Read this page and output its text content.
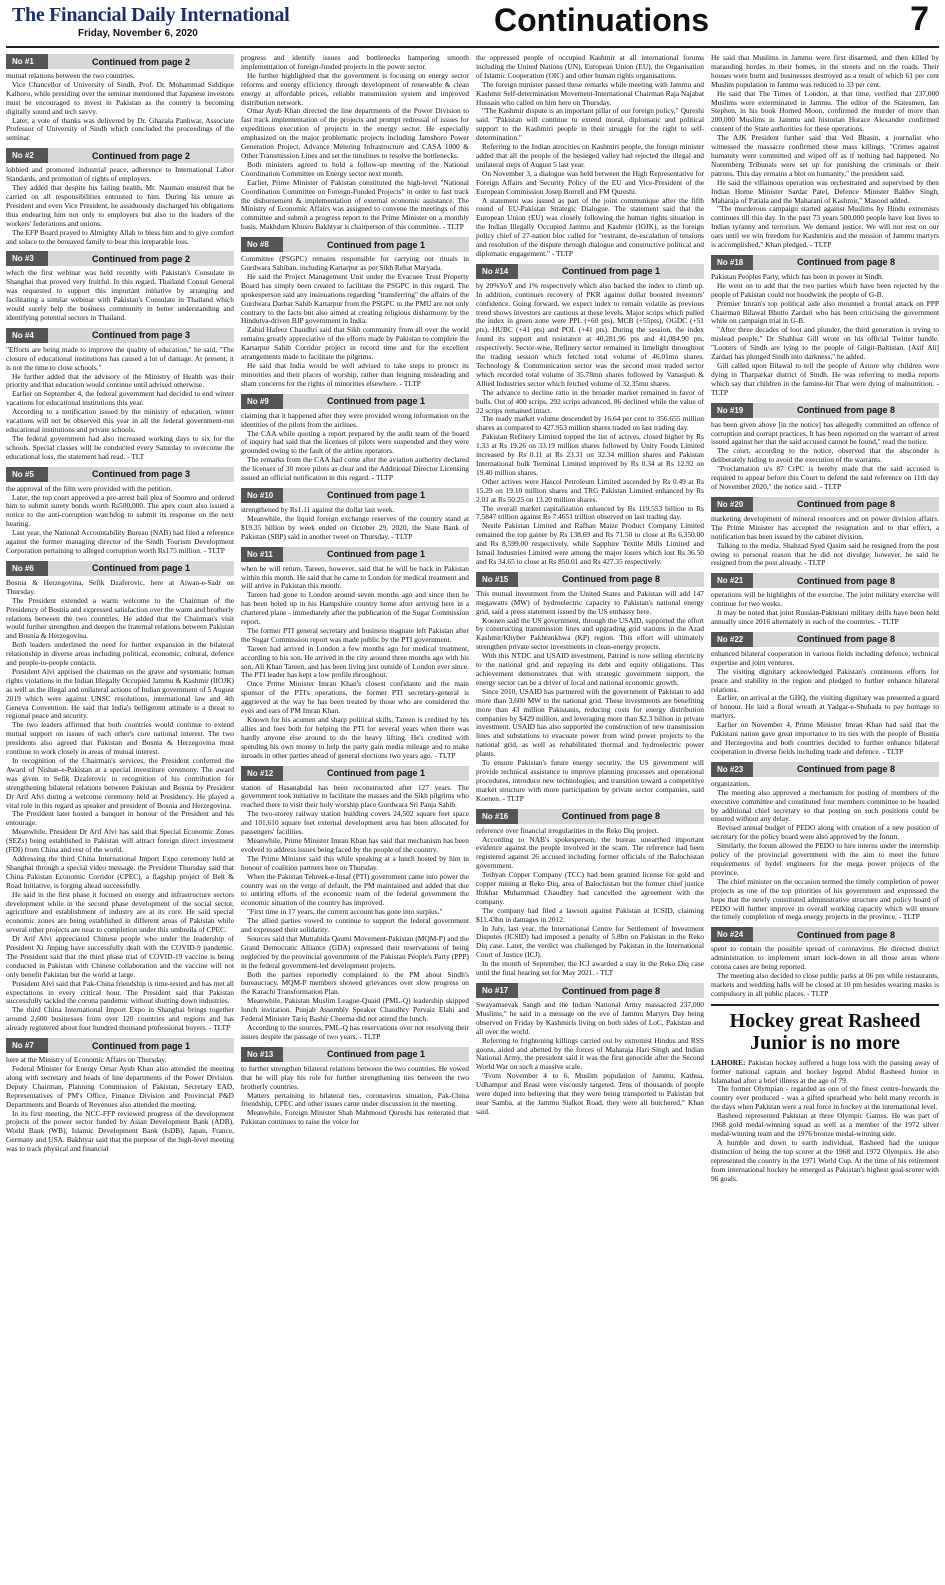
The Financial Daily International
Friday, November 6, 2020	Continuations	7
No #1	Continued from page 2

mutual relations between the two countries.

Vice Chancellor of University of Sindh, Prof. Dr. Mohammad Siddique Kalhoro, while presiding over the seminar mentioned that Japanese investors must be encouraged to invest in Pakistan as the country is becoming digitally sound and tech savvy.

Later, a vote of thanks was delivered by Dr. Ghazala Panhwar, Associate Professor of University of Sindh which concluded the proceedings of the seminar.

No #2	Continued from page 2

lobbied and promoted industrial peace, adherence to International Labor Standards, and promotion of rights of employers.

They added that despite his failing health, Mr. Nauman ensured that he carried on all responsibilities entrusted to him. During his tenure as President and even Vice President, he assiduously discharged his obligations thus endearing him not only to employers but also to the leaders of the workers' federations and unions.

The EFP Board prayed to Almighty Allah to bless him and to give comfort and solace to the bereaved family to bear this irreparable loss.

No #3	Continued from page 2

which the first webinar was held recently with Pakistan's Consulate in Shanghai that proved very fruitful. In this regard, Thailand Consul General was requested to support this important initiative by arranging and facilitating a similar webinar with Pakistan's Consulate in Thailand which would surely help the business community in better understanding and identifying potential sectors in Thailand.

No #4	Continued from page 3

"Efforts are being made to improve the quality of education," he said, "The closure of educational institutions has caused a lot of damage. At present, it is not the time to close schools."

He further added that the advisory of the Ministry of Health was their priority and that education would continue until advised otherwise.

Earlier on September 4, the federal government had decided to end winter vacations for educational institutions this year.

According to a notification issued by the ministry of education, winter vacations will not be observed this year in all the federal government-run educational institutions and private schools.

The federal government had also increased working days to six for the schools. Special classes will be conducted every Saturday to overcome the educational loss, the statement had read. - TLT

No #5	Continued from page 3

the approval of the film were provided with the petition.

Later, the top court approved a pre-arrest bail plea of Soomro and ordered him to submit surety bonds worth Rs500,000. The apex court also issued a notice to the anti-corruption watchdog to submit its response on the next hearing.

Last year, the National Accountability Bureau (NAB) had filed a reference against the former managing director of the Sindh Tourism Development Corporation pertaining to alleged corruption worth Rs175 million. - TLTP

No #6	Continued from page 1

Bosnia & Herzegovina, Sefik Dzaferovic, here at Aiwan-e-Sadr on Thursday.

The President extended a warm welcome to the Chairman of the Presidency of Bosnia and expressed satisfaction over the warm and brotherly relations between the two countries. He added that the Chairman's visit would further strengthen and deepen the fraternal relations between Pakistan and Bosnia & Herzegovina.

Both leaders underlined the need for further expansion in the bilateral relationship in diverse areas including political, economic, cultural, defence and people-to-people contacts.

President Alvi apprised the chairman on the grave and systematic human rights violations in the Indian Illegally Occupied Jammu & Kashmir (IIOJK) as well as the illegal and unilateral actions of Indian government of 5 August 2019 which were against UNSC resolutions, international law and 4th Geneva Convention. He said that India's belligerent attitude is a threat to regional peace and security.

The two leaders affirmed that both countries would continue to extend mutual support on issues of each other's core national interest. The two presidents also agreed that Pakistan and Bosnia & Herzegovina must continue to work closely in areas of mutual interest.

In recognition of the Chairman's services, the President conferred the Award of Nishan-e-Pakistan at a special investiture ceremony. The award was given to Sefik Dzaferovic in recognition of his contribution for strengthening bilateral relations between Pakistan and Bosnia by President Dr Arif Alvi during a welcome ceremony held at Presidency. He played a vital role in this regard as speaker and president of Bosnia and Herzegovina.

The President later hosted a banquet in honour of the President and his entourage.

Meanwhile, President Dr Arif Alvi has said that Special Economic Zones (SEZs) being established in Pakistan will attract foreign direct investment (FDI) from China and rest of the world.

Addressing the third China International Import Expo ceremony held at Shanghai through a special video message, the President Thursday said that China Pakistan Economic Corridor (CPEC), a flagship project of Belt & Road Initiative, is forging ahead successfully.

He said in the first phase it focused on energy and infrastructure sectors development while in the second phase development of the social sector, agriculture and establishment of industry are at its core. He said special economic zones are being established in different areas of Pakistan while several other projects are near to completion under this umbrella of CPEC.

Dr Arif Alvi appreciated Chinese people who under the leadership of President Xi Jinping have successfully dealt with the COVID-9 pandemic. The President said that the third phase trial of COVID-19 vaccine is being conducted in Pakistan with Chinese collaboration and the vaccine will not only benefit Pakistan but the world at large.

President Alvi said that Pak-China friendship is time-tested and has met all expectations in every critical hour. The President said that Pakistan successfully tackled the corona pandemic without shutting down industries.

The third China International Import Expo in Shanghai brings together around 2,600 businesses from over 120 countries and regions and has already registered about four hundred thousand professional buyers. - TLTP

No #7	Continued from page 1

here at the Ministry of Economic Affairs on Thursday.

Federal Minister for Energy Omar Ayub Khan also attended the meeting along with secretary and heads of line departments of the Power Division. Deputy Chairman, Planning Commission of Pakistan, Secretary EAD, Representatives of PM's Office, Finance Division and Provincial P&D Departments and Boards of Revenues also attended the meeting.

In its first meeting, the NCC-FFP reviewed progress of the development projects of the power sector funded by Asian Development Bank (ADB), World Bank (WB), Islamic Development Bank (IsDB), Japan, France, Germany and USA. Bakhtyar said that the purpose of the high-level meeting was to track physical and financial

progress and identify issues and bottlenecks hampering smooth implementation of foreign-funded projects in the power sector.

He further highlighted that the government is focusing on energy sector reforms and energy efficiency through development of renewable & clean energy at affordable prices, reliable transmission system and improved distribution network.

Omar Ayub Khan directed the line departments of the Power Division to fast track implementation of the projects and prompt redressal of issues for expeditious execution of projects in the energy sector. He especially emphasized on the major problematic projects including Jamshoro Power Generation Project, Advance Metering Infrastructure and CASA 1000 & Other Transmission Lines and set the timelines to resolve the bottlenecks.

Both ministers agreed to hold a follow-up meeting of the National Coordination Committee on Energy sector next month.

Earlier, Prime Minister of Pakistan constituted the high-level "National Coordination Committee on Foreign-Funded Projects" in order to fast track the disbursement & implementation of external economic assistance. The Ministry of Economic Affairs was assigned to convene the meetings of this committee and submit a progress report to the Prime Minister on a monthly basis. Makhdum Khusro Bakhtyar is chairperson of this committee. - TLTP

No #8	Continued from page 1

Committee (PSGPC) remains responsible for carrying out rituals in Gurdwara Sahiban, including Kartarpur as per Sikh Rehat Maryada.

He said the Project Management Unit under the Evacuee Trust Property Board has simply been created to facilitate the PSGPC in this regard. The spokesperson said any insinuations regarding "transferring" the affairs of the Gurdwara Darbar Sahib Kartarpur from the PSGPC to the PMU are not only contrary to the facts but also aimed at creating religious disharmony by the Hindutva-driven BJP government in India.

Zahid Hafeez Chaudhri said that Sikh community from all over the world remains greatly appreciative of the efforts made by Pakistan to complete the Kartarpur Sahib Corridor project in record time and for the excellent arrangements made to facilitate the pilgrims.

He said that India would be well advised to take steps to protect its minorities and their places of worship, rather than feigning misleading and sham concerns for the rights of minorities elsewhere. - TLTP

No #9	Continued from page 1

claiming that it happened after they were provided wrong information on the identities of the pilots from the airlines.

The CAA while quoting a report prepared by the audit team of the board of inquiry had said that the licenses of pilots were suspended and they were grounded owing to the fault of the airline operators.

The remarks from the CAA had come after the aviation authority declared the licenses of 30 more pilots as clear and the Additional Director Licensing issued an official notification in this regard. - TLTP

No #10	Continued from page 1

strengthened by Rs1.11 against the dollar last week.

Meanwhile, the liquid foreign exchange reserves of the country stand at $19.35 billion by week ended on October 29, 2020, the State Bank of Pakistan (SBP) said in another tweet on Thursday. - TLTP

No #11	Continued from page 1

when he will return. Tareen, however, said that he will be back in Pakistan within this month. He said that he came to London for medical treatment and will arrive in Pakistan this month.

Tareen had gone to London around seven months ago and since then he has been holed up in his Hampshire country home after arriving here in a chartered plane - immediately after the publication of the Sugar Commission report.

The former PTI general secretary and business magnate left Pakistan after the Sugar Commission report was made public by the PTI government.

Tareen had arrived in London a few months ago for medical treatment, according to his son. He arrived in the city around three months ago with his son, Ali Khan Tareen, and has been living just outside of London ever since. The PTI leader has kept a low profile throughout.

Once Prime Minister Imran Khan's closest confidante and the main sponsor of the PTI's operations, the former PTI secretary-general is aggrieved at the way he has been treated by those who are considered the eyes and ears of PM Imran Khan.

Known for his acumen and sharp political skills, Tareen is credited by his allies and foes both for helping the PTI for several years when there was hardly anyone else around to do the heavy lifting. He's credited with spending his own money to help the party gain media mileage and to make inroads in other parties ahead of general elections two years ago. - TLTP

No #12	Continued from page 1

station of Hasanabdal has been reconstructed after 127 years. The government took initiative to facilitate the masses and the Sikh pilgrims who reached there to visit their holy worship place Gurdwara Sri Panja Sahib.

The two-storey railway station building covers 24,502 square feet space and 101,610 square feet external development area has been allocated for passengers' facilities.

Meanwhile, Prime Minister Imran Khan has said that mechanism has been evolved to address issues being faced by the people of the country.

The Prime Minister said this while speaking at a lunch hosted by him in honour of coalition partners here on Thursday.

When the Pakistan Tehreek-e-Insaf (PTI) government came into power the country was on the verge of default, the PM maintained and added that due to untiring efforts of the economic team of the federal government the economic situation of the country has improved.

"First time in 17 years, the current account has gone into surplus."

The allied parties vowed to continue to support the federal government and expressed their solidarity.

Sources said that Muttahida Qaumi Movement-Pakistan (MQM-P) and the Grand Democratic Alliance (GDA) expressed their reservations of being neglected by the provincial government of the Pakistan People's Party (PPP) in the federal government-led development projects.

Both the parties reportedly complained to the PM about Sindh's bureaucracy. MQM-P members showed grievances over slow progress on the Karachi Transformation Plan.

Meanwhile, Pakistan Muslim League-Quaid (PML-Q) leadership skipped lunch invitation. Punjab Assembly Speaker Chaudhry Pervaiz Elahi and Federal Minister Tariq Bashir Cheema did not attend the lunch.

According to the sources, PML-Q has reservations over not resolving their issues despite the passage of two years. - TLTP

No #13	Continued from page 1

to further strengthen bilateral relations between the two countries. He vowed that he will play his role for further strengthening ties between the two brotherly countries.

Matters pertaining to bilateral ties, coronavirus situation, Pak-China friendship, CPEC and other issues came under discussion in the meeting.

Meanwhile, Foreign Minister Shah Mahmood Qureshi has reiterated that Pakistan continues to raise the voice for

the oppressed people of occupied Kashmir at all international forums including the United Nations (UN), European Union (EU), the Organisation of Islamic Cooperation (OIC) and other human rights organisations.

The foreign minister passed these remarks while meeting with Jammu and Kashmir Self-determination Movement-International Chairman Raja Najabat Hussain who called on him here on Thursday.

"The Kashmir dispute is an important pillar of our foreign policy," Qureshi said. "Pakistan will continue to extend moral, diplomatic and political support to the Kashmiri people in their struggle for the right to self-determination."

Referring to the Indian atrocities on Kashmiri people, the foreign minister added that all the people of the besieged valley had rejected the illegal and unilateral steps of August 5 last year.

On November 3, a dialogue was held between the High Representative for Foreign Affairs and Security Policy of the EU and Vice-President of the European Commission Josep Borrell and FM Qureshi.

A statement was issued as part of the joint communique after the fifth round of EU-Pakistan Strategic Dialogue. The statement said that the European Union (EU) was closely following the human rights situation in the Indian Illegally Occupied Jammu and Kashmir (IOJK), as the foreign policy chief of 27-nation bloc called for "restraint, de-escalation of tensions and resolution of the dispute through dialogue and constructive political and diplomatic engagement." - TLTP

No #14	Continued from page 1

by 20%YoY and 1% respectively which also backed the index to climb up. In addition, continues recovery of PKR against dollar boosted investors' confidence. Going forward, we expect index to remain volatile as previous trend shows investors are cautious at these levels. Major scrips which pulled the index in green zone were PPL (+60 pts), MCB (+55pts), OGDC (+51 pts), HUBC (+41 pts) and POL (+41 pts). During the session, the index found its support and resistance at 40,281.96 pts and 41,084.90 pts, respectively. Sector-wise, Refinery sector remained in limelight throughout the trading session which fetched total volume of 46.01mn shares. Technology & Communication sector was the second most traded sector which recorded total volume of 35.78mn shares followed by Vanaspati & Allied Industries sector which fetched volume of 32.35mn shares.

The advance to decline ratio in the broader market remained in favor of bulls. Out of 400 scrips, 292 scrips advanced, 86 declined while the value of 22 scrips remained intact.

The ready market volume descended by 16.64 per cent to 356.655 million shares as compared to 427.953 million shares traded on last trading day.

Pakistan Refinery Limited topped the list of actives, closed higher by Rs 1.33 at Rs 19.26 on 33.19 million shares followed by Unity Foods Limited increased by Rs 0.11 at Rs 23.31 on 32.34 million shares and Pakistan International bulk Terminal Limited improved by Rs 0.34 at Rs 12.92 on 19.40 million shares.

Other actives were Hascol Petroleum Limited ascended by Rs 0.49 at Rs 15.29 on 19.10 million shares and TRG Pakistan Limited enhanced by Rs 2.01 at Rs 50.25 on 13.20 million shares.

The overall market capitalization enhanced by Rs 119.553 billion to Rs 7.5847 trillion against Rs 7.4651 trillion observed on last trading day.

Nestle Pakistan Limited and Rafhan Maize Product Company Limited remained the top gainer by Rs 138.69 and Rs 71.50 to close at Rs 6,350.00 and Rs 8,599.00 respectively, while Sapphire Textile Mills Limited and Ismail Industries Limited were among the major losers which lost Rs 36.50 and Rs 34.65 to close at Rs 850.01 and Rs 427.35 respectively.

No #15	Continued from page 8

This mutual investment from the United States and Pakistan will add 147 megawatts (MW) of hydroelectric capacity to Pakistan's national energy grid, said a press statement issued by the US embassy here.

Koenen said the US government, through the USAID, supported the effort by constructing transmission lines and upgrading grid stations in the Azad Kashmir/Khyber Pakhtunkhwa (KP) region. This effort will ultimately strengthen private sector investments in clean-energy projects.

With this NTDC and USAID investment, Patrind is now selling electricity to the national grid and repaying its debt and equity obligations. This achievement demonstrates that with strategic government support, the energy sector can be a driver of local and national economic growth.

Since 2010, USAID has partnered with the government of Pakistan to add more than 3,600 MW to the national grid. These investments are benefiting more than 43 million Pakistanis, reducing costs for energy distribution companies by $429 million, and leveraging more than $2.3 billion in private investment. USAID has also supported the construction of new transmission lines and substations to evacuate power from wind power projects to the national grid, as well as rehabilitated thermal and hydroelectric power plants.

To ensure Pakistan's future energy security, the US government will provide technical assistance to improve planning processes and operational procedures, introduce new technologies, and transition toward a competitive market structure with more participation by private sector companies, said Koenen. - TLTP

No #16	Continued from page 8

reference over financial irregularities in the Reko Diq project.

According to NAB's spokesperson, the bureau unearthed important evidence against the people involved in the scam. The reference had been registered against 26 accused including former officials of the Balochistan government.

Tethyan Copper Company (TCC) had been granted license for gold and copper mining at Reko Diq, area of Balochistan but the former chief justice Iftikhar Muhammad Chaudhry had cancelled the agreement with the company.

The company had filed a lawsuit against Pakistan at ICSID, claiming $11.43bn in damages in 2012.

In July, last year, the International Centre for Settlement of Investment Disputes (ICSID) had imposed a penalty of 5.8bn on Pakistan in the Reko Diq case. Later, the verdict was challenged by Pakistan in the International Court of Justice (ICJ).

In the month of September, the ICJ awarded a stay in the Reko Diq case until the final hearing set for May 2021. - TLT

No #17	Continued from page 8

Swayamsevak Sangh and the Indian National Army massacred 237,000 Muslims," he said in a message on the eve of Jammu Martyrs Day being observed on Friday by Kashmiris living on both sides of LoC, Pakistan and all over the world.

Referring to frightening killings carried out by extremist Hindus and RSS goons, aided and abetted by the forces of Maharaja Hari Singh and Indian National Army, the president said it was the first genocide after the Second World War on such a massive scale.

"From November 4 to 6, Muslim population of Jammu, Kathua, Udhampur and Reasi were viscously targeted. Tens of thousands of people were duped into believing that they were being transported to Pakistan but near Samba, at the Jammu Sialkot Road, they were all butchered," Khan said.

He said that Muslims in Jammu were first disarmed, and then killed by marauding hordes in their homes, in the streets and on the roads. Their houses were burnt and businesses destroyed as a result of which 61 per cent Muslim population in Jammu was reduced to 33 per cent.

He said that The Times of London, at that time, verified that 237,000 Muslims were exterminated in Jammu. The editor of the Statesmen, Ian Stephen, in his book Horned Moon, confirmed the murder of more than 200,000 Muslims in Jammu and historian Horace Alexander confirmed consent of the State authorities for these operations.

The AJK President further said that Ved Bhasin, a journalist who witnessed the massacre confirmed these mass killings. "Crimes against humanity were committed and wiped off as if nothing had happened. No Nuremberg Tribunals were set up for punishing the criminals or their patrons. This day remains a blot on humanity," the president said.

He said the villainous operation was orchestrated and supervised by then Indian Home Minister Sardar Patel, Defence Minister Baldev Singh, Maharaja of Patiala and the Maharani of Kashmir," Masood added.

"The murderous campaign started against Muslims by Hindu extremists continues till this day. In the past 73 years 500,000 people have lost lives to Indian tyranny and terrorism. We demand justice. We will not rest on our oars until we win freedom for Kashmiris and the mission of Jammu martyrs is accomplished," Khan pledged. - TLTP

No #18	Continued from page 8

Pakistan Peoples Party, which has been in power in Sindh.

He went on to add that the two parties which have been rejected by the people of Pakistan could not hoodwink the people of G-B.

Premier Imran's top political aide also mounted a frontal attack on PPP Chairman Bilawal Bhutto Zardari who has been criticising the government while on campaign trial in G-B.

"After three decades of loot and plunder, the third generation is trying to mislead people," Dr Shahbaz Gill wrote on his official Twitter handle. "Looters of Sindh are lying to the people of Gilgit-Baltistan. [Asif Ali] Zardari has plunged Sindh into darkness," he added.

Gill called upon Bilawal to tell the people of Astore why children were dying in Tharparkar district of Sindh. He was referring to media reports which say that children in the famine-hit Thar were dying of malnutrition. - TLTP

No #19	Continued from page 8

has been given above [in the notice] has allegedly committed an offence of corruption and corrupt practices. It has been reported on the warrant of arrest issued against her that the said accused cannot be found," read the notice.

The court, according to the notice, observed that the absconder is deliberately hiding to avoid the execution of the warrants.

"Proclamation u/s 87 CrPC is hereby made that the said accused is required to appear before this Court to defend the said reference on 11th day of November 2020," the notice said. - TLTP

No #20	Continued from page 8

marketing development of mineral resources and on power division affairs. The Prime Minister has accepted the resignation and to that effect, a notification has been issued by the cabinet division.

Talking to the media, Shahzad Syed Qasim said he resigned from the post owing to personal reason that he did not divulge; however, he said he resigned from the post already. - TLTP

No #21	Continued from page 8

operations will be highlights of the exercise. The joint military exercise will continue for two weeks.

It may be noted that joint Russian-Pakistani military drills have been held annually since 2016 alternately in each of the countries. - TLTP

No #22	Continued from page 8

enhanced bilateral cooperation in various fields including defence, technical expertise and joint ventures.

The visiting dignitary acknowledged Pakistan's continuous efforts for peace and stability in the region and pledged to further enhance bilateral relations.

Earlier, on arrival at the GHQ, the visiting dignitary was presented a guard of honour. He laid a floral wreath at Yadgar-e-Shuhada to pay homage to martyrs.

Earlier on November 4, Prime Minister Imran Khan had said that the Pakistani nation gave great importance to its ties with the people of Bosnia and Herzegovina and both countries decided to further enhance bilateral cooperation in diverse fields including trade and defence. - TLTP

No #23	Continued from page 8

organization.

The meeting also approved a mechanism for posting of members of the executive committee and constituted four members committee to be headed by additional chief secretary so that posting on such positions could be ensured without any delay.

Revised annual budget of PEDO along with creation of a new position of secretary for the policy board were also approved by the forum.

Similarly, the forum allowed the PEDO to hire interns under the internship policy of the provincial government with the aim to meet the future requirements of hydel engineers for the mega power projects of the province.

The chief minister on the occasion termed the timely completion of power projects as one of the top priorities of his government and expressed the hope that the newly constituted administrative structure and policy board of PEDO will further improve its overall working capacity which will ensure the timely completion of mega energy projects in the province. - TLTP

No #24	Continued from page 8

spent to contain the possible spread of coronavirus. He directed district administration to implement smart lock-down in all those areas where corona cases are being reported.

The meeting also decided to close public parks at 06 pm while restaurants, markets and wedding halls will be closed at 10 pm besides wearing masks is compulsory in all public places. - TLTP

Hockey great Rasheed Junior is no more

LAHORE: Pakistan hockey suffered a huge loss with the passing away of former national captain and hockey legend Abdul Rasheed Junior in Islamabad after a brief illness at the age of 79.

The former Olympian - regarded as one of the finest centre-forwards the country ever produced - was a gifted spearhead who held many records in the days when Pakistan were a real force in hockey at the international level.

Rasheed represented Pakistan at three Olympic Games. He was part of 1968 gold medal-winning squad as well as a member of the 1972 silver medal-winning team and the 1976 bronze medal-winning side.

A humble and down to earth individual, Rasheed had the unique distinction of being the top scorer at the 1968 and 1972 Olympics. He also represented the country in the 1971 World Cup. At the time of his retirement from international hockey he emerged as Pakistan's highest goal-scorer with 96 goals.
